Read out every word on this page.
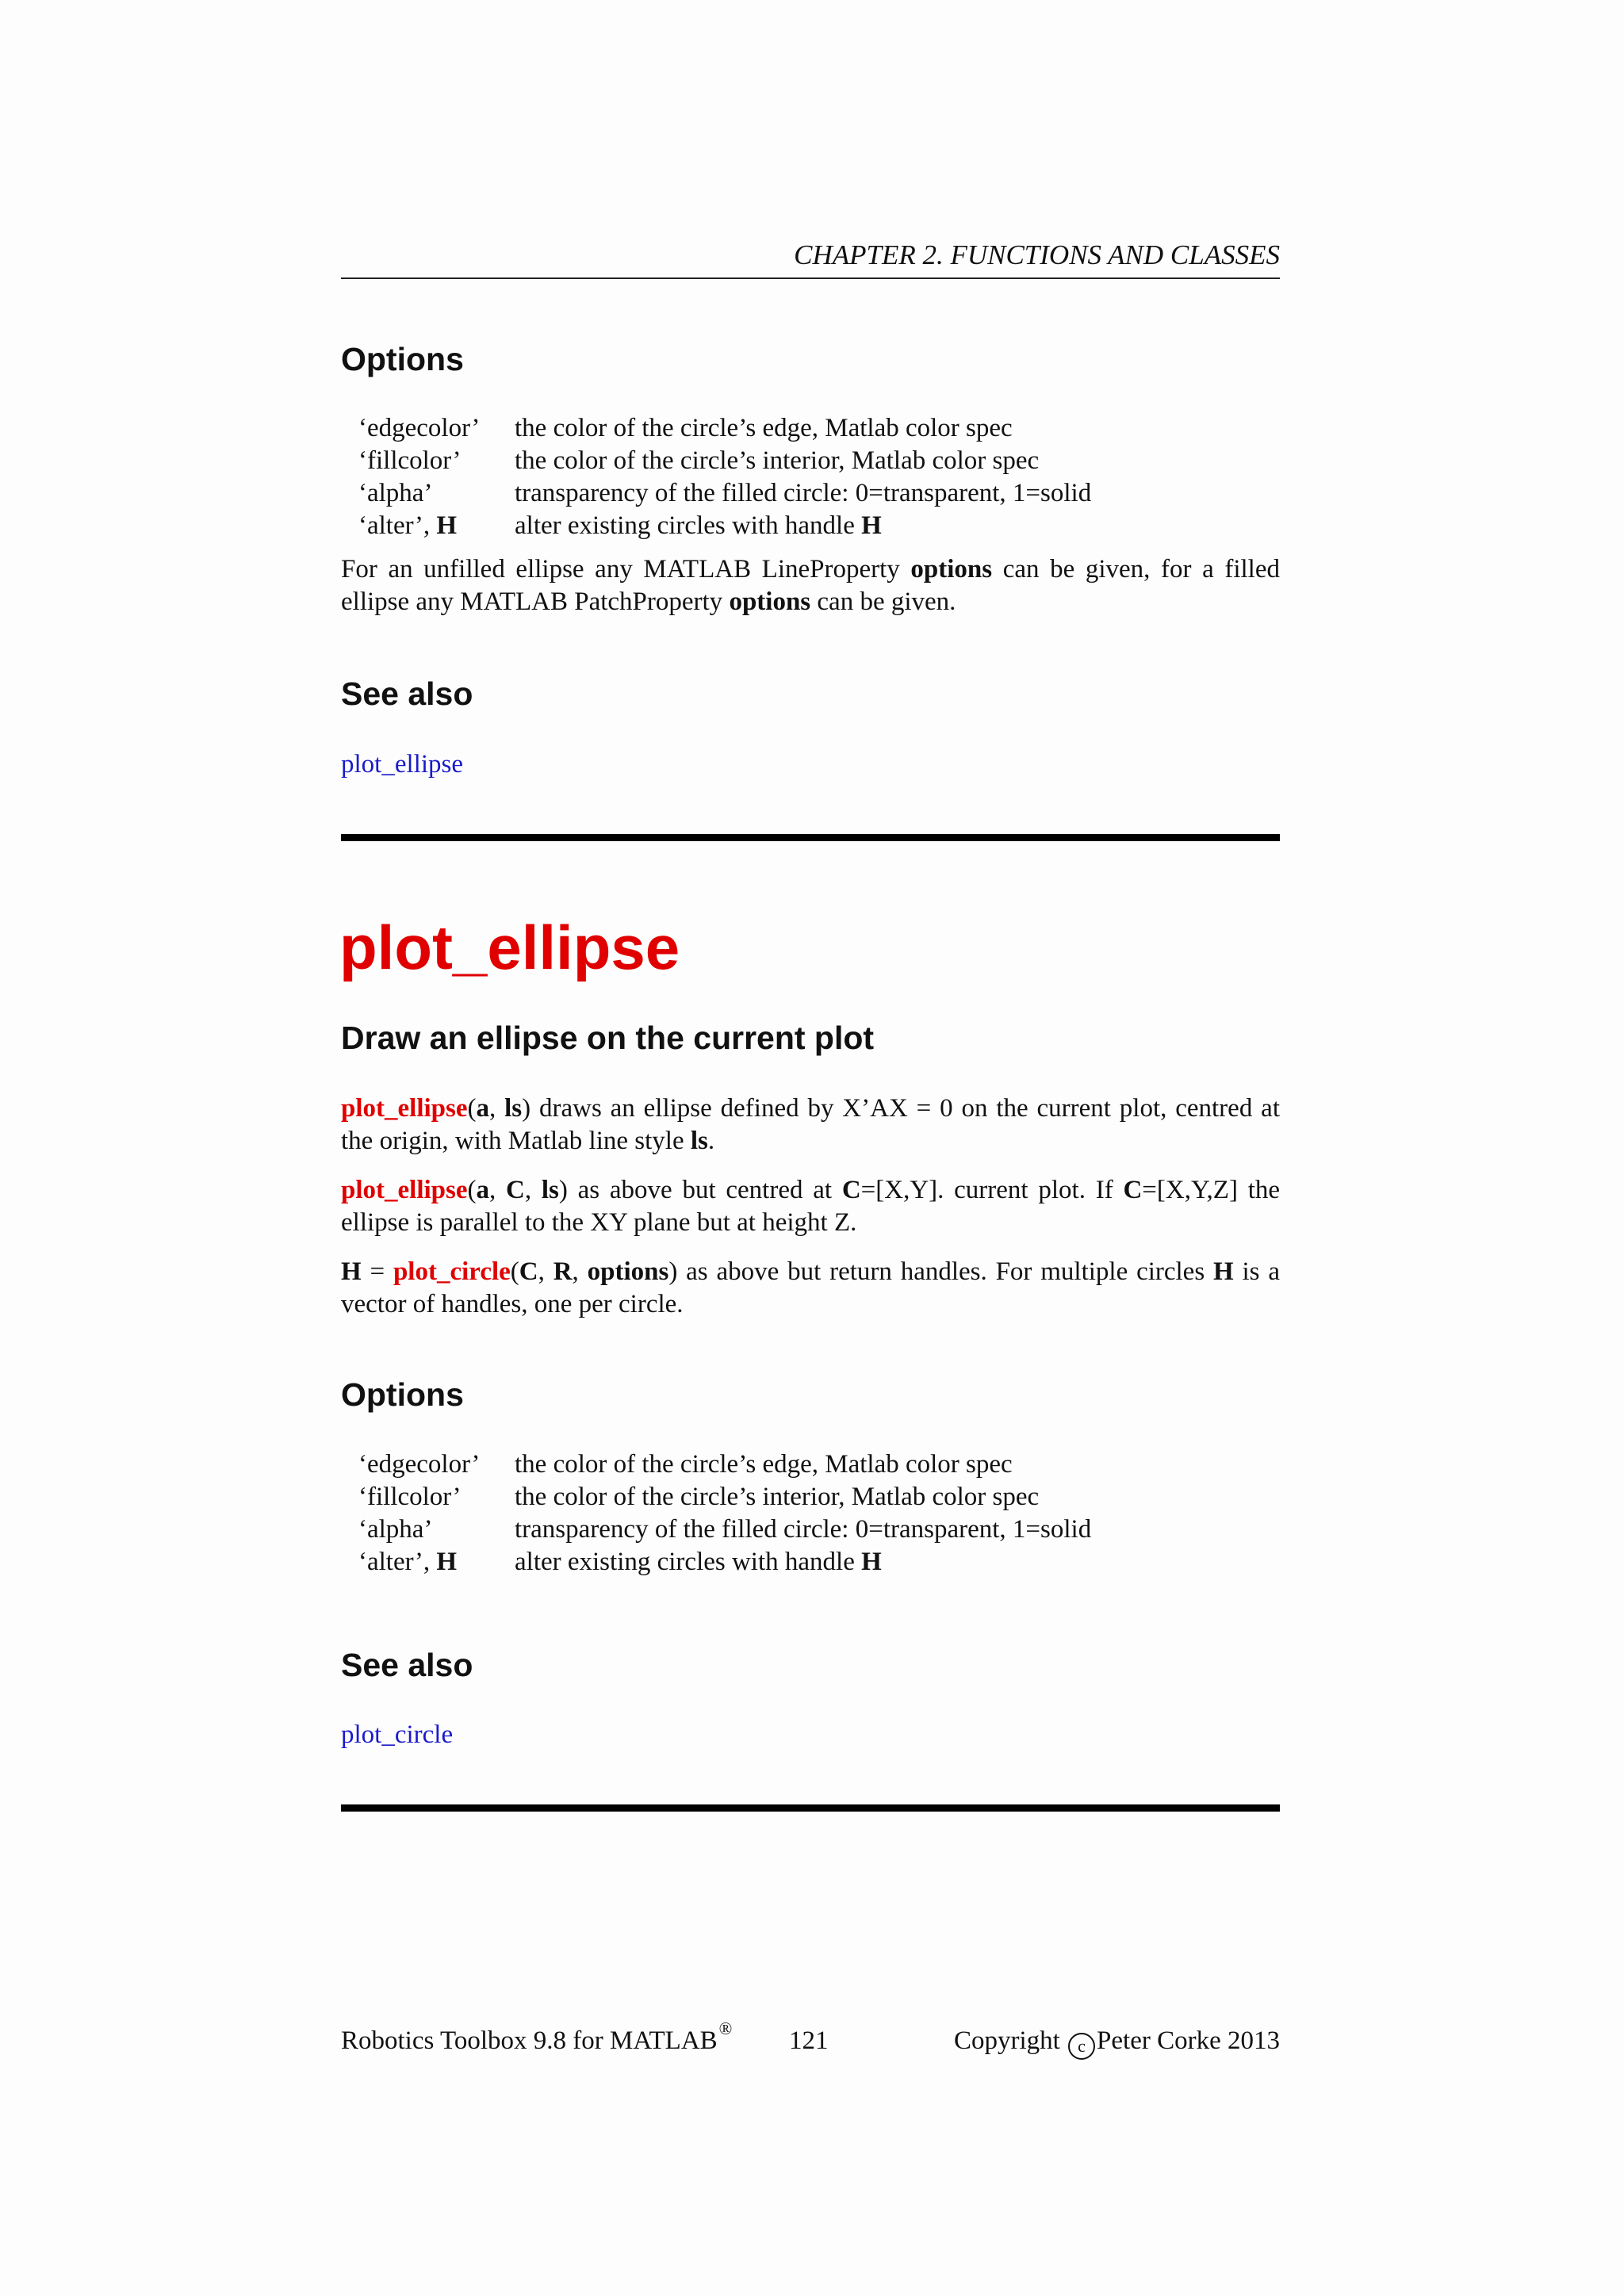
CHAPTER 2. FUNCTIONS AND CLASSES
Options
‘edgecolor’	the color of the circle’s edge, Matlab color spec
‘fillcolor’	the color of the circle’s interior, Matlab color spec
‘alpha’	transparency of the filled circle: 0=transparent, 1=solid
‘alter’, H	alter existing circles with handle H
For an unfilled ellipse any MATLAB LineProperty options can be given, for a filled ellipse any MATLAB PatchProperty options can be given.
See also
plot_ellipse
plot_ellipse
Draw an ellipse on the current plot
plot_ellipse(a, ls) draws an ellipse defined by X’AX = 0 on the current plot, centred at the origin, with Matlab line style ls.
plot_ellipse(a, C, ls) as above but centred at C=[X,Y]. current plot. If C=[X,Y,Z] the ellipse is parallel to the XY plane but at height Z.
H = plot_circle(C, R, options) as above but return handles. For multiple circles H is a vector of handles, one per circle.
Options
‘edgecolor’	the color of the circle’s edge, Matlab color spec
‘fillcolor’	the color of the circle’s interior, Matlab color spec
‘alpha’	transparency of the filled circle: 0=transparent, 1=solid
‘alter’, H	alter existing circles with handle H
See also
plot_circle
Robotics Toolbox 9.8 for MATLAB® 121	Copyright c Peter Corke 2013
